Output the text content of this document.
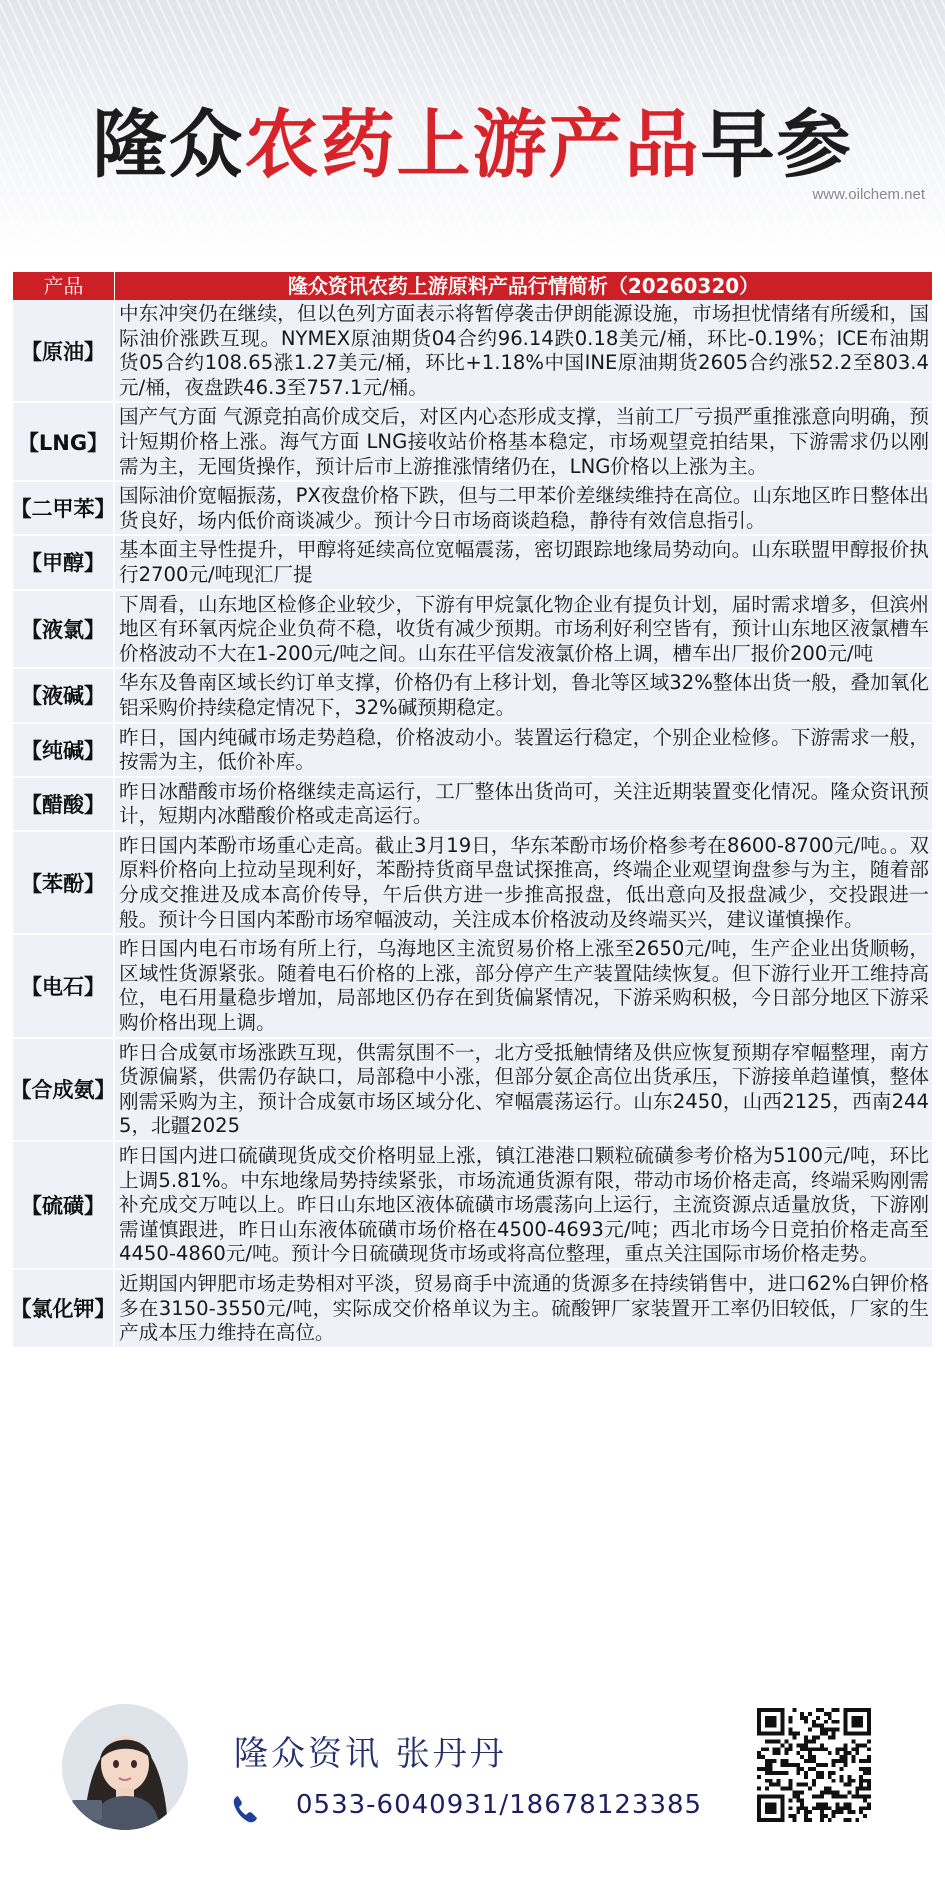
隆众农药上游产品早参
www.oilchem.net
产品	隆众资讯农药上游原料产品行情简析（20260320）
【原油】
中东冲突仍在继续，但以色列方面表示将暂停袭击伊朗能源设施，市场担忧情绪有所缓和，国际油价涨跌互现。NYMEX原油期货04合约96.14跌0.18美元/桶，环比-0.19%；ICE布油期货05合约108.65涨1.27美元/桶，环比+1.18%中国INE原油期货2605合约涨52.2至803.4元/桶，夜盘跌46.3至757.1元/桶。
【LNG】
国产气方面 气源竞拍高价成交后，对区内心态形成支撑，当前工厂亏损严重推涨意向明确，预计短期价格上涨。海气方面 LNG接收站价格基本稳定，市场观望竞拍结果，下游需求仍以刚需为主，无囤货操作，预计后市上游推涨情绪仍在，LNG价格以上涨为主。
【二甲苯】
国际油价宽幅振荡，PX夜盘价格下跌，但与二甲苯价差继续维持在高位。山东地区昨日整体出货良好，场内低价商谈减少。预计今日市场商谈趋稳，静待有效信息指引。
【甲醇】
基本面主导性提升，甲醇将延续高位宽幅震荡，密切跟踪地缘局势动向。山东联盟甲醇报价执行2700元/吨现汇厂提
【液氯】
下周看，山东地区检修企业较少，下游有甲烷氯化物企业有提负计划，届时需求增多，但滨州地区有环氧丙烷企业负荷不稳，收货有减少预期。市场利好利空皆有，预计山东地区液氯槽车价格波动不大在1-200元/吨之间。山东茌平信发液氯价格上调，槽车出厂报价200元/吨
【液碱】
华东及鲁南区域长约订单支撑，价格仍有上移计划，鲁北等区域32%整体出货一般，叠加氧化铝采购价持续稳定情况下，32%碱预期稳定。
【纯碱】
昨日，国内纯碱市场走势趋稳，价格波动小。装置运行稳定，个别企业检修。下游需求一般，按需为主，低价补库。
【醋酸】
昨日冰醋酸市场价格继续走高运行，工厂整体出货尚可，关注近期装置变化情况。隆众资讯预计，短期内冰醋酸价格或走高运行。
【苯酚】
昨日国内苯酚市场重心走高。截止3月19日，华东苯酚市场价格参考在8600-8700元/吨。。双原料价格向上拉动呈现利好，苯酚持货商早盘试探推高，终端企业观望询盘参与为主，随着部分成交推进及成本高价传导，午后供方进一步推高报盘，低出意向及报盘减少，交投跟进一般。预计今日国内苯酚市场窄幅波动，关注成本价格波动及终端买兴，建议谨慎操作。
【电石】
昨日国内电石市场有所上行，乌海地区主流贸易价格上涨至2650元/吨，生产企业出货顺畅，区域性货源紧张。随着电石价格的上涨，部分停产生产装置陆续恢复。但下游行业开工维持高位，电石用量稳步增加，局部地区仍存在到货偏紧情况，下游采购积极，今日部分地区下游采购价格出现上调。
【合成氨】
昨日合成氨市场涨跌互现，供需氛围不一，北方受抵触情绪及供应恢复预期存窄幅整理，南方货源偏紧，供需仍存缺口，局部稳中小涨，但部分氨企高位出货承压，下游接单趋谨慎，整体刚需采购为主，预计合成氨市场区域分化、窄幅震荡运行。山东2450，山西2125，西南2445，北疆2025
【硫磺】
昨日国内进口硫磺现货成交价格明显上涨，镇江港港口颗粒硫磺参考价格为5100元/吨，环比上调5.81%。中东地缘局势持续紧张，市场流通货源有限，带动市场价格走高，终端采购刚需补充成交万吨以上。昨日山东地区液体硫磺市场震荡向上运行，主流资源点适量放货，下游刚需谨慎跟进，昨日山东液体硫磺市场价格在4500-4693元/吨；西北市场今日竞拍价格走高至4450-4860元/吨。预计今日硫磺现货市场或将高位整理，重点关注国际市场价格走势。
【氯化钾】
近期国内钾肥市场走势相对平淡，贸易商手中流通的货源多在持续销售中，进口62%白钾价格多在3150-3550元/吨，实际成交价格单议为主。硫酸钾厂家装置开工率仍旧较低，厂家的生产成本压力维持在高位。
隆众资讯 张丹丹
0533-6040931/18678123385
